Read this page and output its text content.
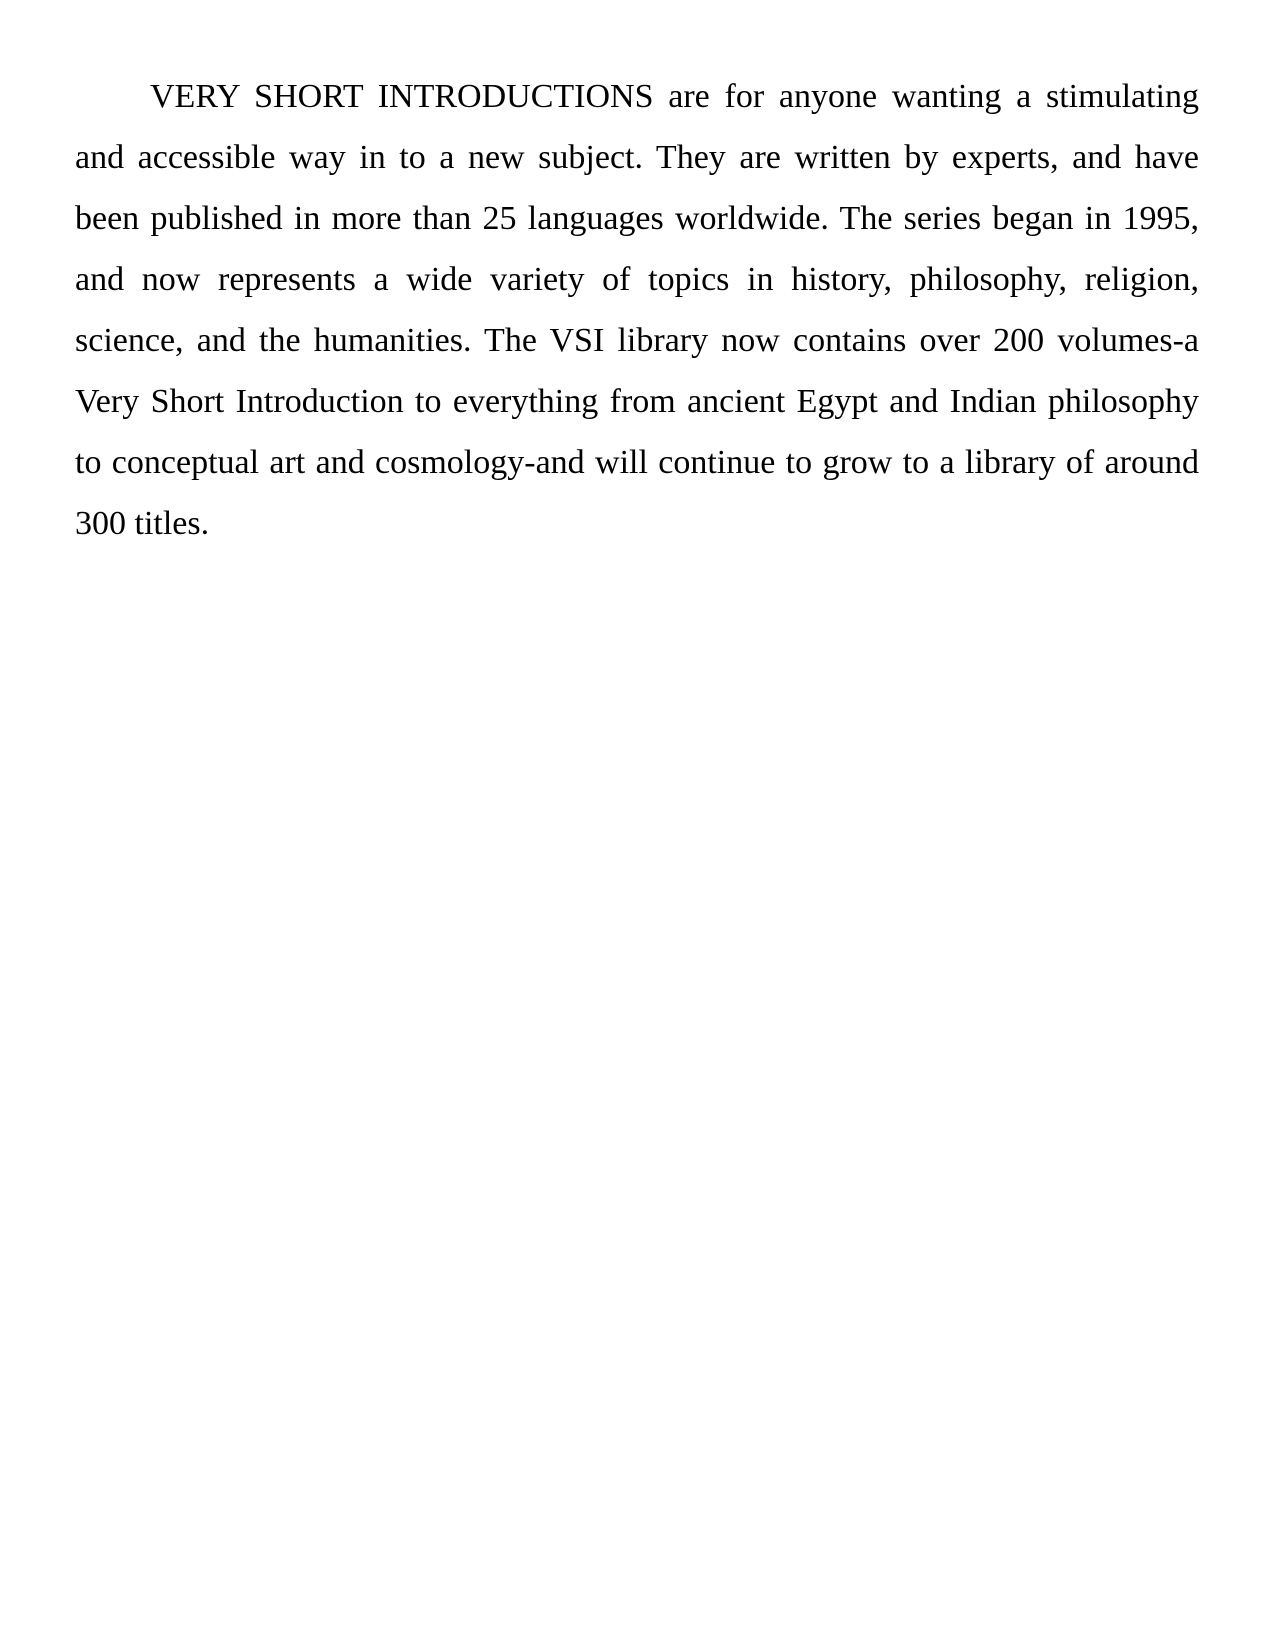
VERY SHORT INTRODUCTIONS are for anyone wanting a stimulating and accessible way in to a new subject. They are written by experts, and have been published in more than 25 languages worldwide. The series began in 1995, and now represents a wide variety of topics in history, philosophy, religion, science, and the humanities. The VSI library now contains over 200 volumes-a Very Short Introduction to everything from ancient Egypt and Indian philosophy to conceptual art and cosmology-and will continue to grow to a library of around 300 titles.
